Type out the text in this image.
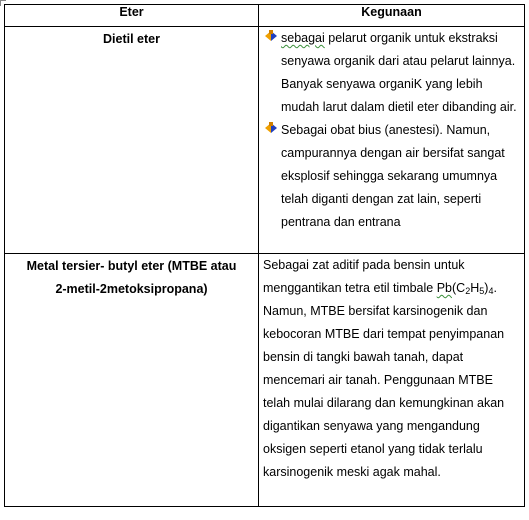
Eter	Kegunaan

Dietil eter	sebagai pelarut organik untuk ekstraksi senyawa organik dari atau pelarut lainnya. Banyak senyawa organiK yang lebih mudah larut dalam dietil eter dibanding air.
Sebagai obat bius (anestesi). Namun, campurannya dengan air bersifat sangat eksplosif sehingga sekarang umumnya telah diganti dengan zat lain, seperti pentrana dan entrana

Metal tersier- butyl eter (MTBE atau
2-metil-2metoksipropana)	Sebagai zat aditif pada bensin untuk menggantikan tetra etil timbale $Pb(C_2H_5)_4$. Namun, MTBE bersifat karsinogenik dan kebocoran MTBE dari tempat penyimpanan bensin di tangki bawah tanah, dapat mencemari air tanah. Penggunaan MTBE telah mulai dilarang dan kemungkinan akan digantikan senyawa yang mengandung oksigen seperti etanol yang tidak terlalu karsinogenik meski agak mahal.
